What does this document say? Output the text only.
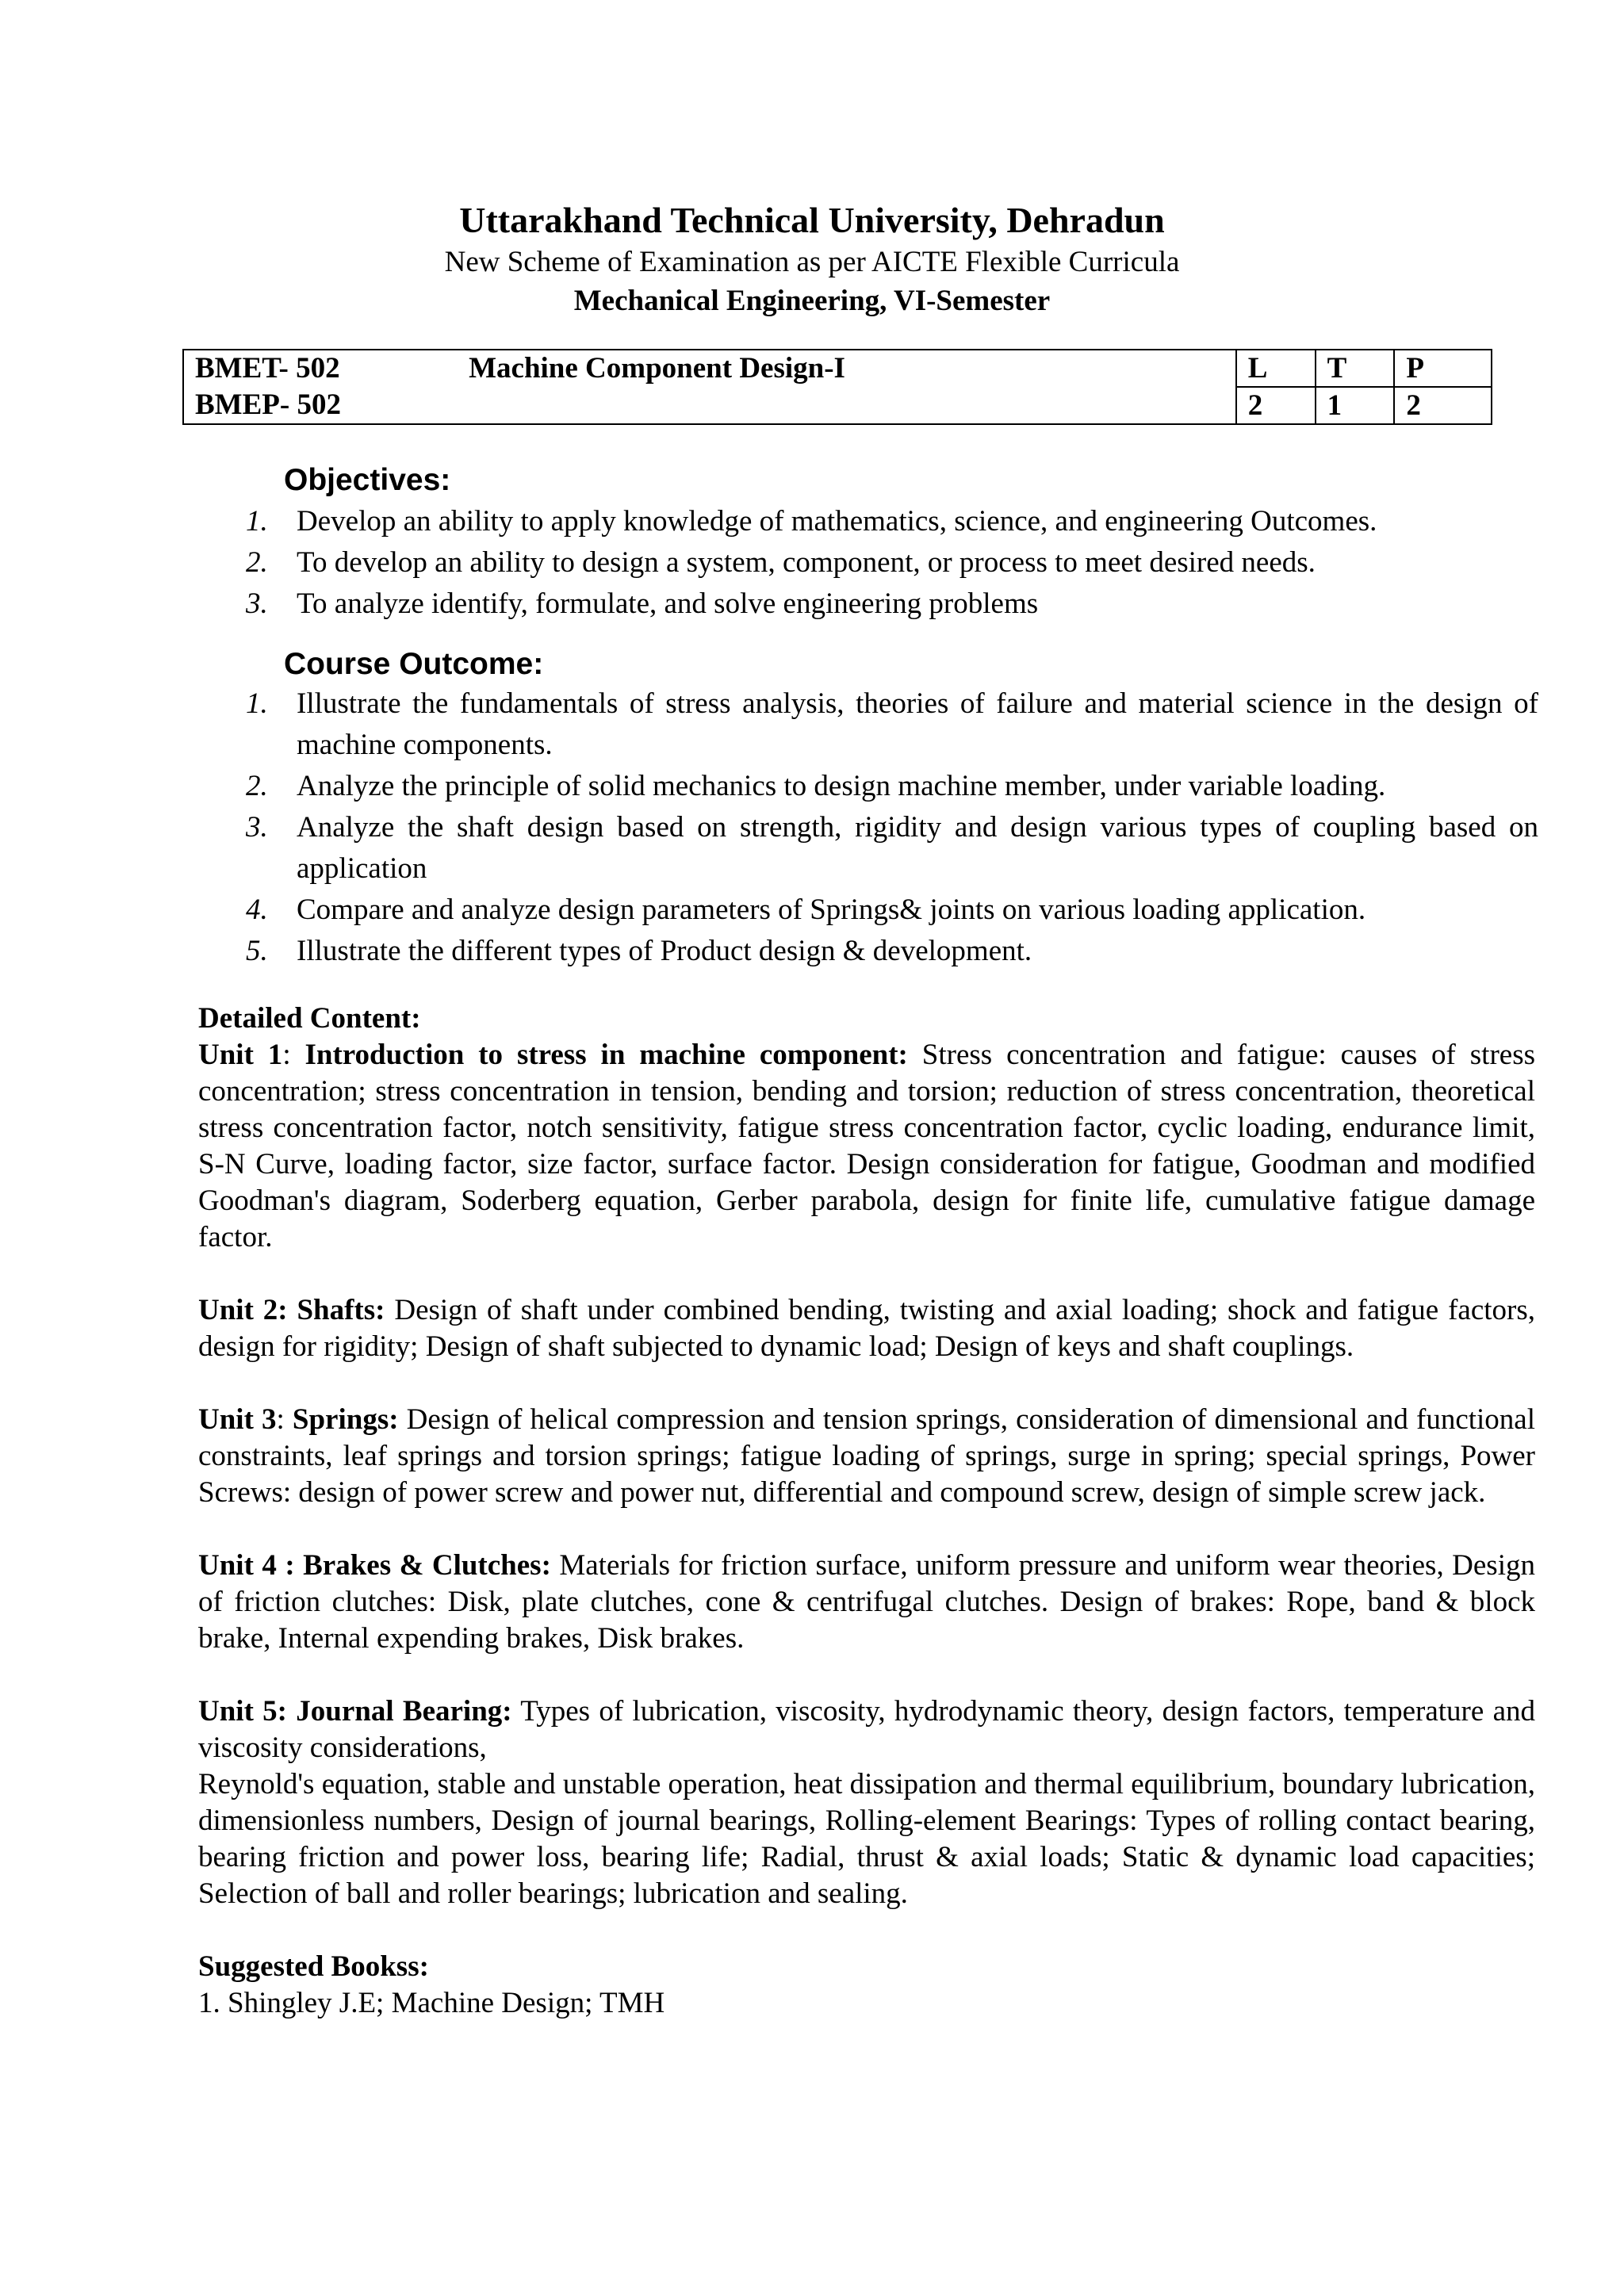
Uttarakhand Technical University, Dehradun
New Scheme of Examination as per AICTE Flexible Curricula
Mechanical Engineering, VI-Semester
BMET- 502	Machine Component Design-I	L	T	P
BMEP- 502		2	1	2
Objectives:
1. Develop an ability to apply knowledge of mathematics, science, and engineering Outcomes.
2. To develop an ability to design a system, component, or process to meet desired needs.
3. To analyze identify, formulate, and solve engineering problems
Course Outcome:
1. Illustrate the fundamentals of stress analysis, theories of failure and material science in the design of machine components.
2. Analyze the principle of solid mechanics to design machine member, under variable loading.
3. Analyze the shaft design based on strength, rigidity and design various types of coupling based on application
4. Compare and analyze design parameters of Springs& joints on various loading application.
5. Illustrate the different types of Product design & development.

Detailed Content:
Unit 1: Introduction to stress in machine component: Stress concentration and fatigue: causes of stress concentration; stress concentration in tension, bending and torsion; reduction of stress concentration, theoretical stress concentration factor, notch sensitivity, fatigue stress concentration factor, cyclic loading, endurance limit, S-N Curve, loading factor, size factor, surface factor. Design consideration for fatigue, Goodman and modified Goodman's diagram, Soderberg equation, Gerber parabola, design for finite life, cumulative fatigue damage factor.

Unit 2: Shafts: Design of shaft under combined bending, twisting and axial loading; shock and fatigue factors, design for rigidity; Design of shaft subjected to dynamic load; Design of keys and shaft couplings.

Unit 3: Springs: Design of helical compression and tension springs, consideration of dimensional and functional constraints, leaf springs and torsion springs; fatigue loading of springs, surge in spring; special springs, Power Screws: design of power screw and power nut, differential and compound screw, design of simple screw jack.

Unit 4 : Brakes & Clutches: Materials for friction surface, uniform pressure and uniform wear theories, Design of friction clutches: Disk, plate clutches, cone & centrifugal clutches. Design of brakes: Rope, band & block brake, Internal expending brakes, Disk brakes.

Unit 5: Journal Bearing: Types of lubrication, viscosity, hydrodynamic theory, design factors, temperature and viscosity considerations,
Reynold's equation, stable and unstable operation, heat dissipation and thermal equilibrium, boundary lubrication, dimensionless numbers, Design of journal bearings, Rolling-element Bearings: Types of rolling contact bearing, bearing friction and power loss, bearing life; Radial, thrust & axial loads; Static & dynamic load capacities; Selection of ball and roller bearings; lubrication and sealing.

Suggested Bookss:
1. Shingley J.E; Machine Design; TMH
